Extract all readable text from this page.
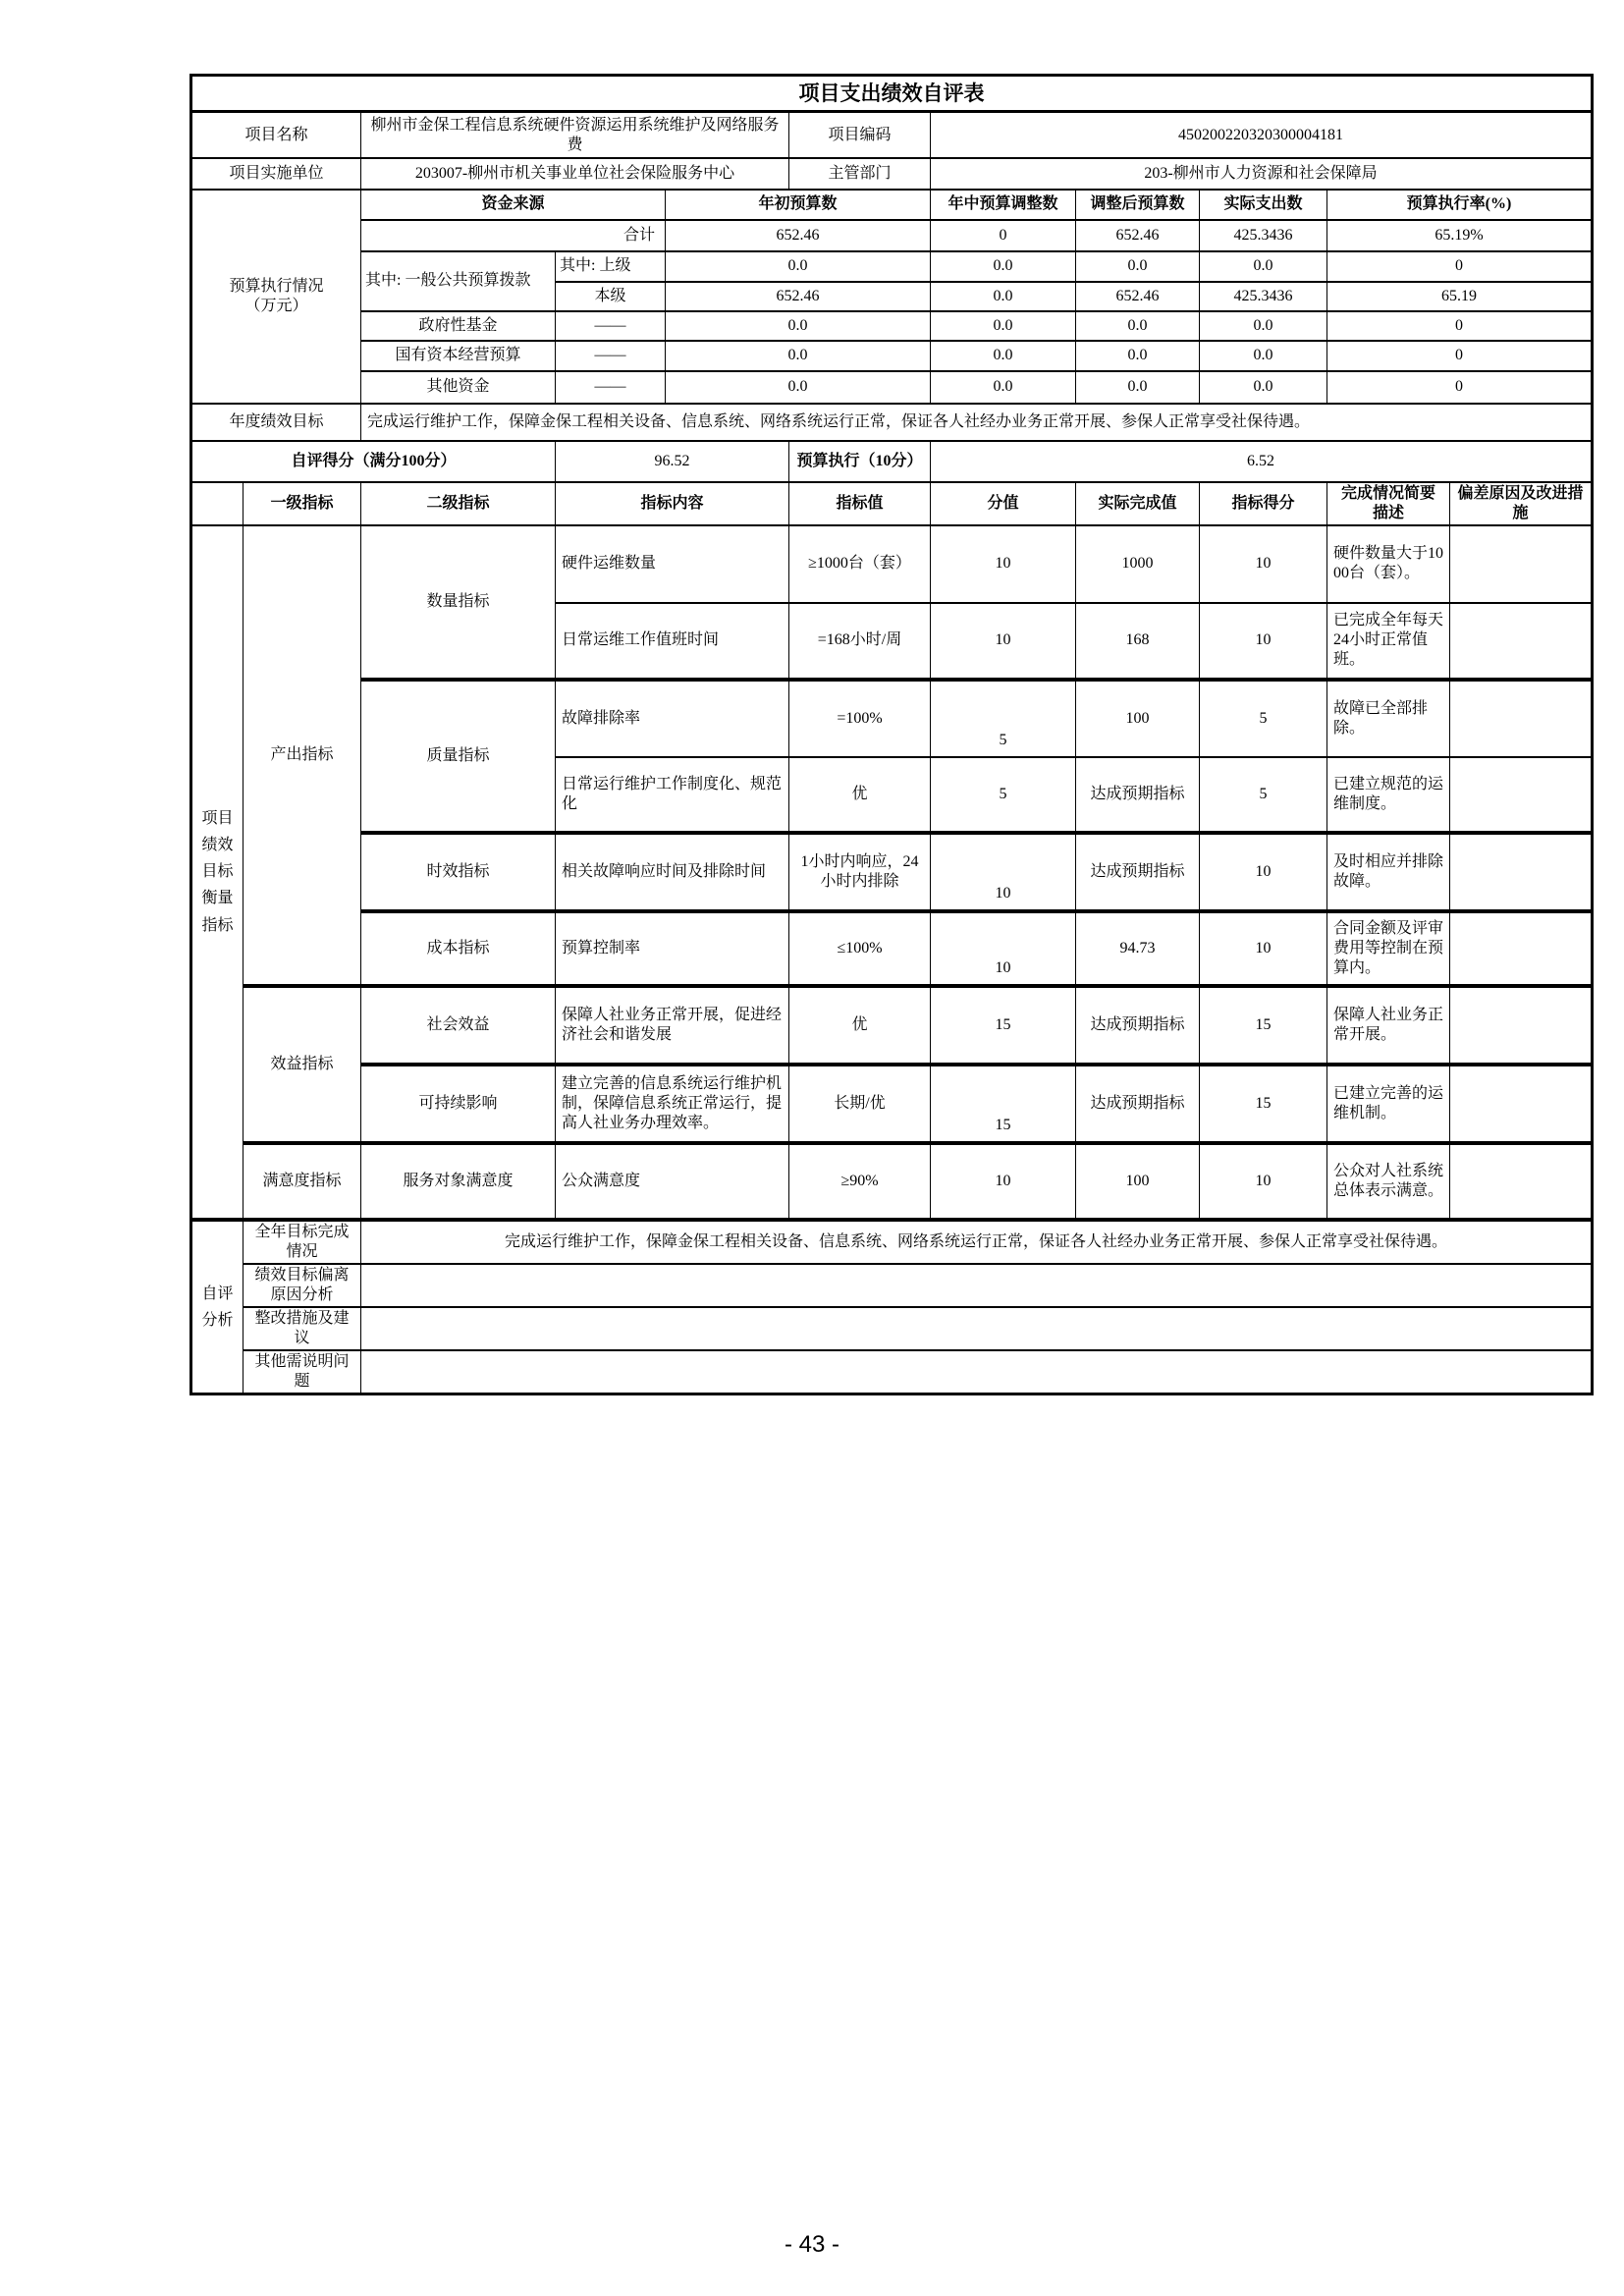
项目支出绩效自评表										
项目名称		柳州市金保工程信息系统硬件资源运用系统维护及网络服务费			项目编码	450200220320300004181				
项目实施单位		203007-柳州市机关事业单位社会保险服务中心			主管部门	203-柳州市人力资源和社会保障局				

预算执行情况
（万元）		资金来源		年初预算数		年中预算调整数	调整后预算数	实际支出数	预算执行率(%)	
		合计		652.46		0	652.46	425.3436	65.19%	
		其中: 一般公共预算拨款	其中: 上级	0.0		0.0	0.0	0.0	0	
			本级	652.46		0.0	652.46	425.3436	65.19	
		政府性基金	——	0.0		0.0	0.0	0.0	0	
		国有资本经营预算	——	0.0		0.0	0.0	0.0	0	
		其他资金	——	0.0		0.0	0.0	0.0	0	
年度绩效目标		完成运行维护工作，保障金保工程相关设备、信息系统、网络系统运行正常，保证各人社经办业务正常开展、参保人正常享受社保待遇。								
自评得分（满分100分）			96.52		预算执行（10分）	6.52				
	一级指标	二级指标	指标内容		指标值	分值	实际完成值	指标得分	完成情况简要描述	偏差原因及改进措施
项目绩效目标衡量指标	产出指标	数量指标	硬件运维数量		≥1000台（套）	10	1000	10	硬件数量大于1000台（套）。	
			日常运维工作值班时间		=168小时/周	10	168	10	已完成全年每天24小时正常值班。	
		质量指标	故障排除率		=100%	5	100	5	故障已全部排除。	
			日常运行维护工作制度化、规范化		优	5	达成预期指标	5	已建立规范的运维制度。	
		时效指标	相关故障响应时间及排除时间		1小时内响应，24小时内排除	10	达成预期指标	10	及时相应并排除故障。	
		成本指标	预算控制率		≤100%	10	94.73	10	合同金额及评审费用等控制在预算内。	
	效益指标	社会效益	保障人社业务正常开展，促进经济社会和谐发展		优	15	达成预期指标	15	保障人社业务正常开展。	
		可持续影响	建立完善的信息系统运行维护机制，保障信息系统正常运行，提高人社业务办理效率。		长期/优	15	达成预期指标	15	已建立完善的运维机制。	
	满意度指标	服务对象满意度	公众满意度		≥90%	10	100	10	公众对人社系统总体表示满意。	
自评分析	全年目标完成情况	完成运行维护工作，保障金保工程相关设备、信息系统、网络系统运行正常，保证各人社经办业务正常开展、参保人正常享受社保待遇。								
	绩效目标偏离原因分析									
	整改措施及建议									
	其他需说明问题									
- 43 -
